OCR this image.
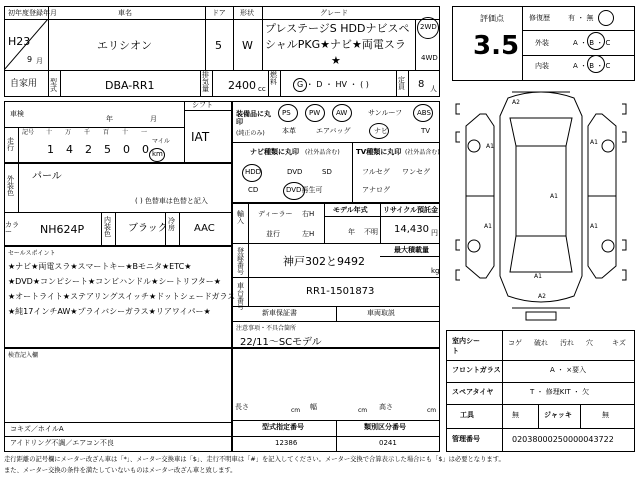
初年度登録年月
H23
9 月
車名
エリシオン
ドア
5
形状
W
グレード
プレステージS HDDナビスペ
シャルPKG★ナビ★両電スラ
★
2WD
4WD
自家用 型式	DBA-RR1
排気量 2400 cc
燃料	G ・ D ・ HV ・ ( )	定員	8 人
評価点
3.5
修復歴	有 ・ 無
外装	A ・ B ・ C
内装	A ・ B ・ C
車検
年	月
走行
記号 十 万 千 百 十 一
1 4 2 5 0 0
マイル
km
シフト
IAT
外装色
パール
( ) 色替車は色替と記入
カラー	NH624P
内装色 ブラック
冷房 AAC
装備品に丸印
(純正のみ)
PS	PW AW	サンルーフ ABS
本革	エアバッグ	ナビ	TV
ナビ種類に丸印 (社外品含む)
HDD	DVD	SD
CD	DVD再生可
TV種類に丸印 (社外品含む)
フルセグ ワンセグ
アナログ
輸入
ディーラー
並行
右H
左H
モデル年式
年 不明
リサイクル預託金
14,430 円
登録番号
最大積載量
神戸302と9492
kg
車台番号
RR1-1501873
新車保証書	車両取説
注意事項・不具合箇所
22/11〜SCモデル
セールスポイント
★ナビ★両電スラ★スマートキー★Bモニタ★ETC★
★DVD★コンピシート★コンビハンドル★シートリフター★
★オートライト★ステアリングスイッチ★ドットシェードガラス
★純17インチAW★プライバシーガラス★リアワイパー★
検査記入欄
コキズ／ホイルA
アイドリング不調／エアコン不良
長さ	cm 幅	cm 高さ	cm
型式指定番号
12386
類別区分番号
0241
室内シート
コゲ 破れ 汚れ 穴	キズ
フロントガラス	A ・ ×要入
スペアタイヤ	T ・ 修理KIT ・ 欠
工具	無	ジャッキ	無
管理番号	02038000250000043722
A2
A1
A1
A1
A1	A1
A1
A2
走行距離の記号欄にメーター改ざん車は「*」、メーター交換車は「$」、走行不明車は「#」を記入してください。メーター交換で合算表示した場合にも「$」は必要となります。
また、メーター交換の条件を満たしていないものはメーター改ざん車と致します。
